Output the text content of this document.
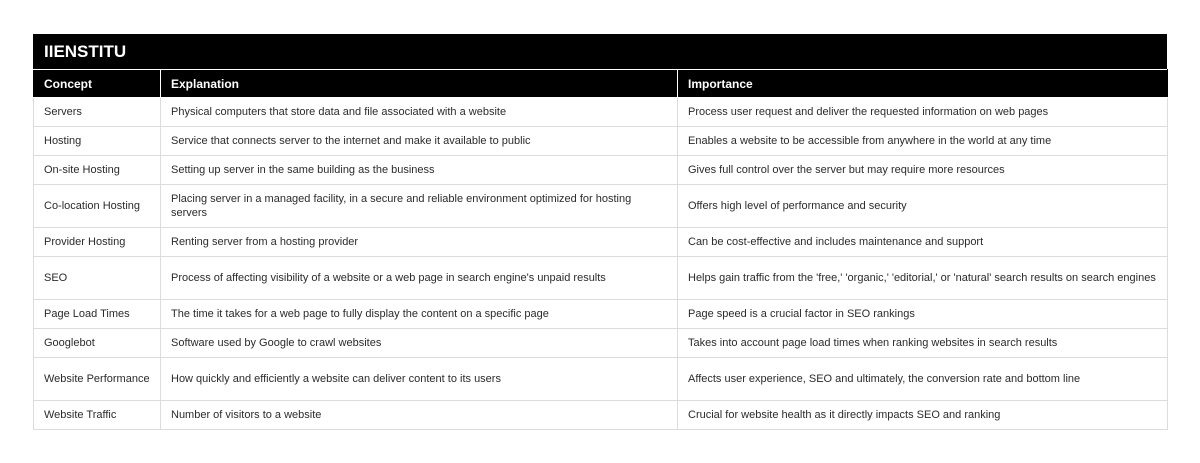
IIENSTITU
Concept	Explanation	Importance
Servers	Physical computers that store data and file associated with a website	Process user request and deliver the requested information on web pages
Hosting	Service that connects server to the internet and make it available to public	Enables a website to be accessible from anywhere in the world at any time
On-site Hosting	Setting up server in the same building as the business	Gives full control over the server but may require more resources
Co-location Hosting	Placing server in a managed facility, in a secure and reliable environment optimized for hosting servers	Offers high level of performance and security
Provider Hosting	Renting server from a hosting provider	Can be cost-effective and includes maintenance and support
SEO	Process of affecting visibility of a website or a web page in search engine's unpaid results	Helps gain traffic from the 'free,' 'organic,' 'editorial,' or 'natural' search results on search engines
Page Load Times	The time it takes for a web page to fully display the content on a specific page	Page speed is a crucial factor in SEO rankings
Googlebot	Software used by Google to crawl websites	Takes into account page load times when ranking websites in search results
Website Performance	How quickly and efficiently a website can deliver content to its users	Affects user experience, SEO and ultimately, the conversion rate and bottom line
Website Traffic	Number of visitors to a website	Crucial for website health as it directly impacts SEO and ranking
